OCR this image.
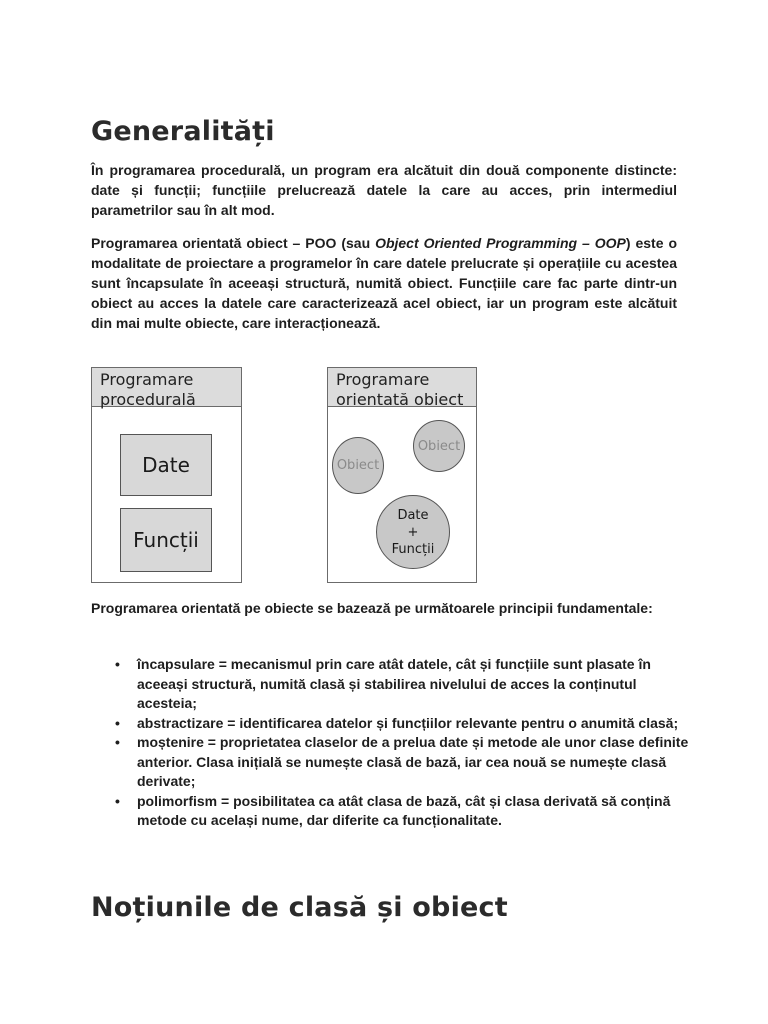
Generalități

În programarea procedurală, un program era alcătuit din două componente distincte: date și funcții; funcțiile prelucrează datele la care au acces, prin intermediul parametrilor sau în alt mod.

Programarea orientată obiect – POO (sau Object Oriented Programming – OOP) este o modalitate de proiectare a programelor în care datele prelucrate și operațiile cu acestea sunt încapsulate în aceeași structură, numită obiect. Funcțiile care fac parte dintr-un obiect au acces la datele care caracterizează acel obiect, iar un program este alcătuit din mai multe obiecte, care interacționează.

Programare
procedurală
Date
Funcții
Programare
orientată obiect
Obiect
Obiect
Date
+
Funcții

Programarea orientată pe obiecte se bazează pe următoarele principii fundamentale:

• încapsulare = mecanismul prin care atât datele, cât și funcțiile sunt plasate în aceeași structură, numită clasă și stabilirea nivelului de acces la conținutul acesteia;
• abstractizare = identificarea datelor și funcțiilor relevante pentru o anumită clasă;
• moștenire = proprietatea claselor de a prelua date și metode ale unor clase definite anterior. Clasa inițială se numește clasă de bază, iar cea nouă se numește clasă derivate;
• polimorfism = posibilitatea ca atât clasa de bază, cât și clasa derivată să conțină metode cu același nume, dar diferite ca funcționalitate.
Noțiunile de clasă și obiect
